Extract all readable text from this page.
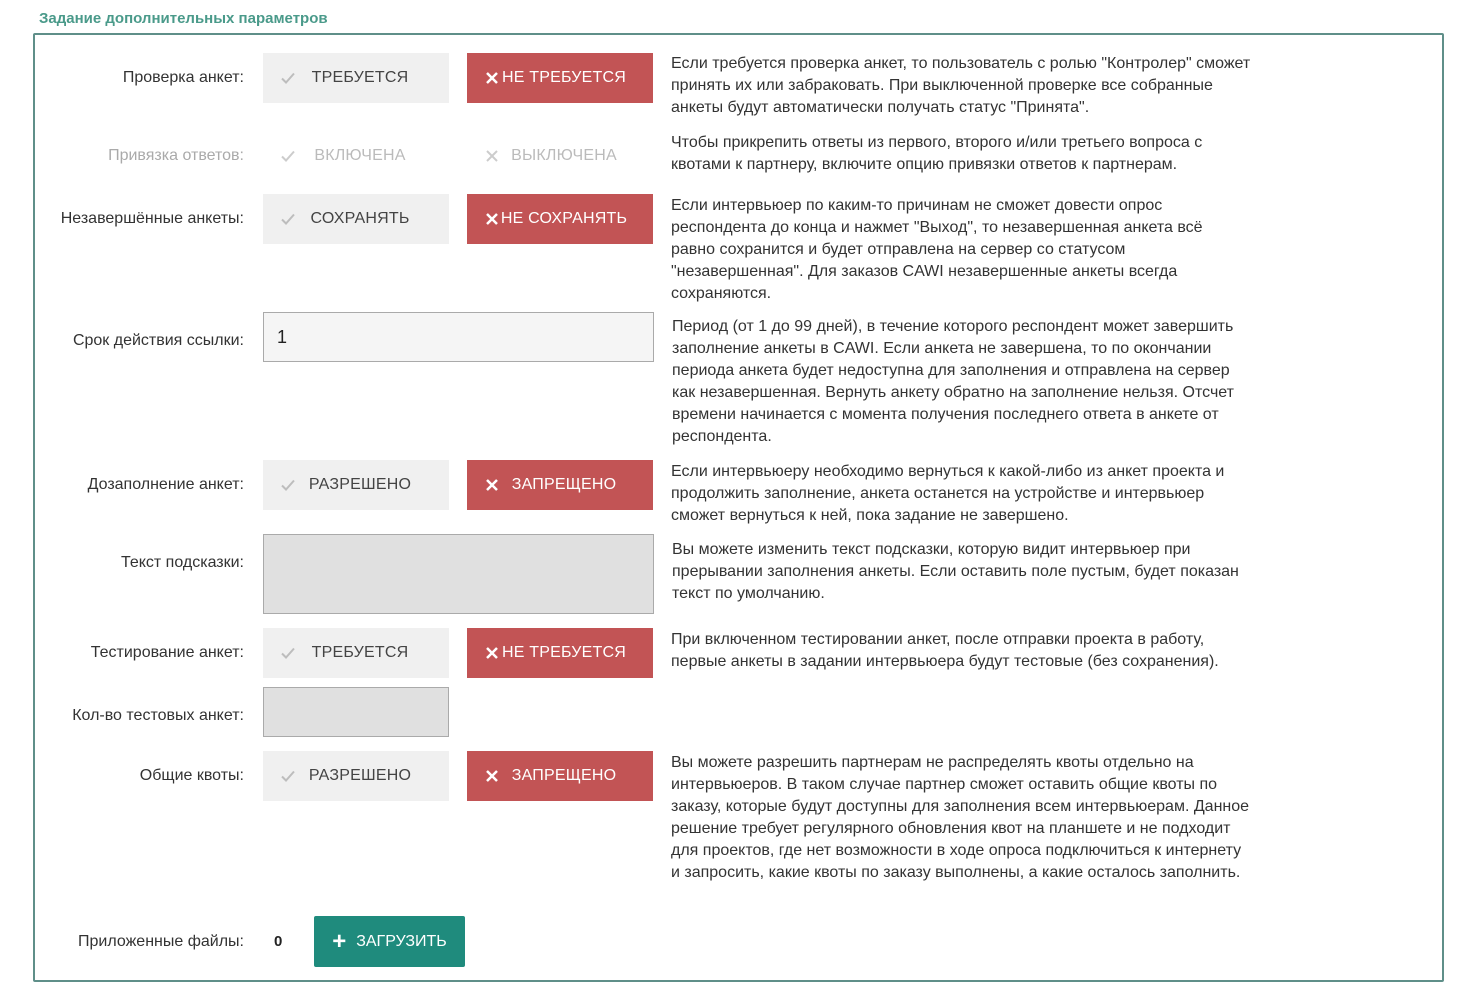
Задание дополнительных параметров
Проверка анкет:	ТРЕБУЕТСЯ	НЕ ТРЕБУЕТСЯ
Если требуется проверка анкет, то пользователь с ролью "Контролер" сможет принять их или забраковать. При выключенной проверке все собранные анкеты будут автоматически получать статус "Принята".
Привязка ответов:	ВКЛЮЧЕНА	ВЫКЛЮЧЕНА
Чтобы прикрепить ответы из первого, второго и/или третьего вопроса с квотами к партнеру, включите опцию привязки ответов к партнерам.
Незавершённые анкеты:	СОХРАНЯТЬ	НЕ СОХРАНЯТЬ
Если интервьюер по каким-то причинам не сможет довести опрос респондента до конца и нажмет "Выход", то незавершенная анкета всё равно сохранится и будет отправлена на сервер со статусом "незавершенная". Для заказов CAWI незавершенные анкеты всегда сохраняются.
Срок действия ссылки:
1
Период (от 1 до 99 дней), в течение которого респондент может завершить заполнение анкеты в CAWI. Если анкета не завершена, то по окончании периода анкета будет недоступна для заполнения и отправлена на сервер как незавершенная. Вернуть анкету обратно на заполнение нельзя. Отсчет времени начинается с момента получения последнего ответа в анкете от респондента.
Дозаполнение анкет:	РАЗРЕШЕНО	ЗАПРЕЩЕНО
Если интервьюеру необходимо вернуться к какой-либо из анкет проекта и продолжить заполнение, анкета останется на устройстве и интервьюер сможет вернуться к ней, пока задание не завершено.
Текст подсказки:
Вы можете изменить текст подсказки, которую видит интервьюер при прерывании заполнения анкеты. Если оставить поле пустым, будет показан текст по умолчанию.
Тестирование анкет:	ТРЕБУЕТСЯ	НЕ ТРЕБУЕТСЯ
При включенном тестировании анкет, после отправки проекта в работу, первые анкеты в задании интервьюера будут тестовые (без сохранения).
Кол-во тестовых анкет:
Общие квоты:	РАЗРЕШЕНО	ЗАПРЕЩЕНО
Вы можете разрешить партнерам не распределять квоты отдельно на интервьюеров. В таком случае партнер сможет оставить общие квоты по заказу, которые будут доступны для заполнения всем интервьюерам. Данное решение требует регулярного обновления квот на планшете и не подходит для проектов, где нет возможности в ходе опроса подключиться к интернету и запросить, какие квоты по заказу выполнены, а какие осталось заполнить.
Приложенные файлы: 0 + ЗАГРУЗИТЬ
